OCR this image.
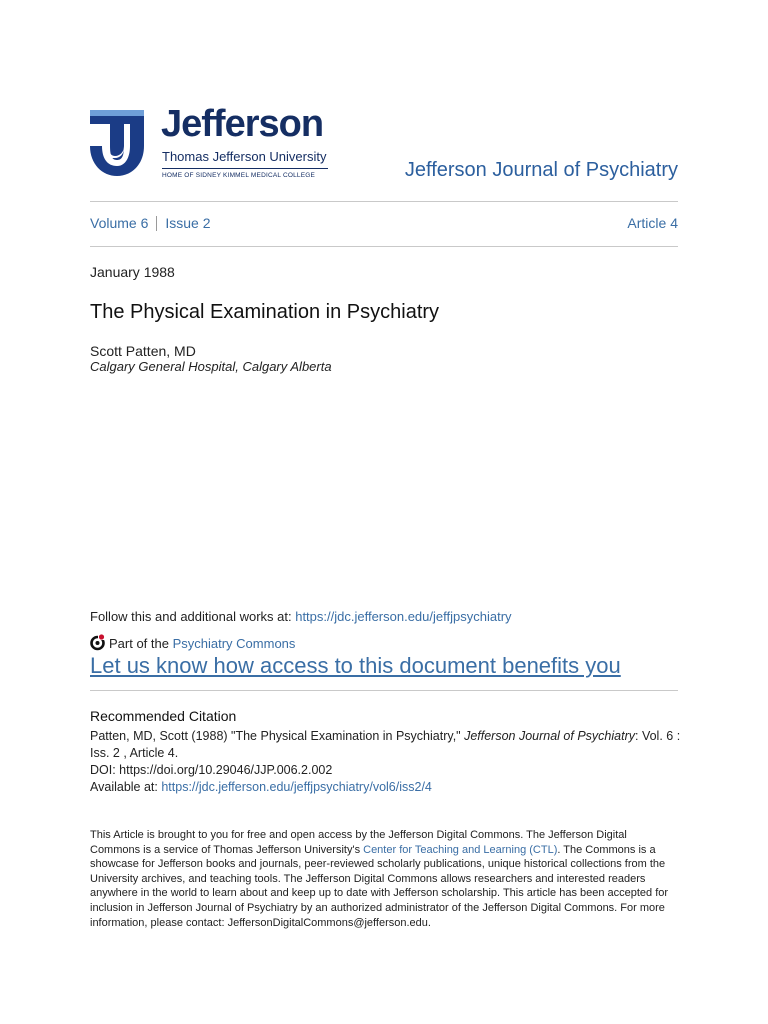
Jefferson
Thomas Jefferson University
HOME OF SIDNEY KIMMEL MEDICAL COLLEGE	Jefferson Journal of Psychiatry
Volume 6 Issue 2	Article 4
January 1988
The Physical Examination in Psychiatry
Scott Patten, MD
Calgary General Hospital, Calgary Alberta
Follow this and additional works at: https://jdc.jefferson.edu/jeffjpsychiatry
Part of the Psychiatry Commons
Let us know how access to this document benefits you
Recommended Citation
Patten, MD, Scott (1988) "The Physical Examination in Psychiatry," Jefferson Journal of Psychiatry: Vol. 6 :
Iss. 2 , Article 4.
DOI: https://doi.org/10.29046/JJP.006.2.002
Available at: https://jdc.jefferson.edu/jeffjpsychiatry/vol6/iss2/4
This Article is brought to you for free and open access by the Jefferson Digital Commons. The Jefferson Digital Commons is a service of Thomas Jefferson University's Center for Teaching and Learning (CTL). The Commons is a showcase for Jefferson books and journals, peer-reviewed scholarly publications, unique historical collections from the University archives, and teaching tools. The Jefferson Digital Commons allows researchers and interested readers anywhere in the world to learn about and keep up to date with Jefferson scholarship. This article has been accepted for inclusion in Jefferson Journal of Psychiatry by an authorized administrator of the Jefferson Digital Commons. For more information, please contact: JeffersonDigitalCommons@jefferson.edu.
